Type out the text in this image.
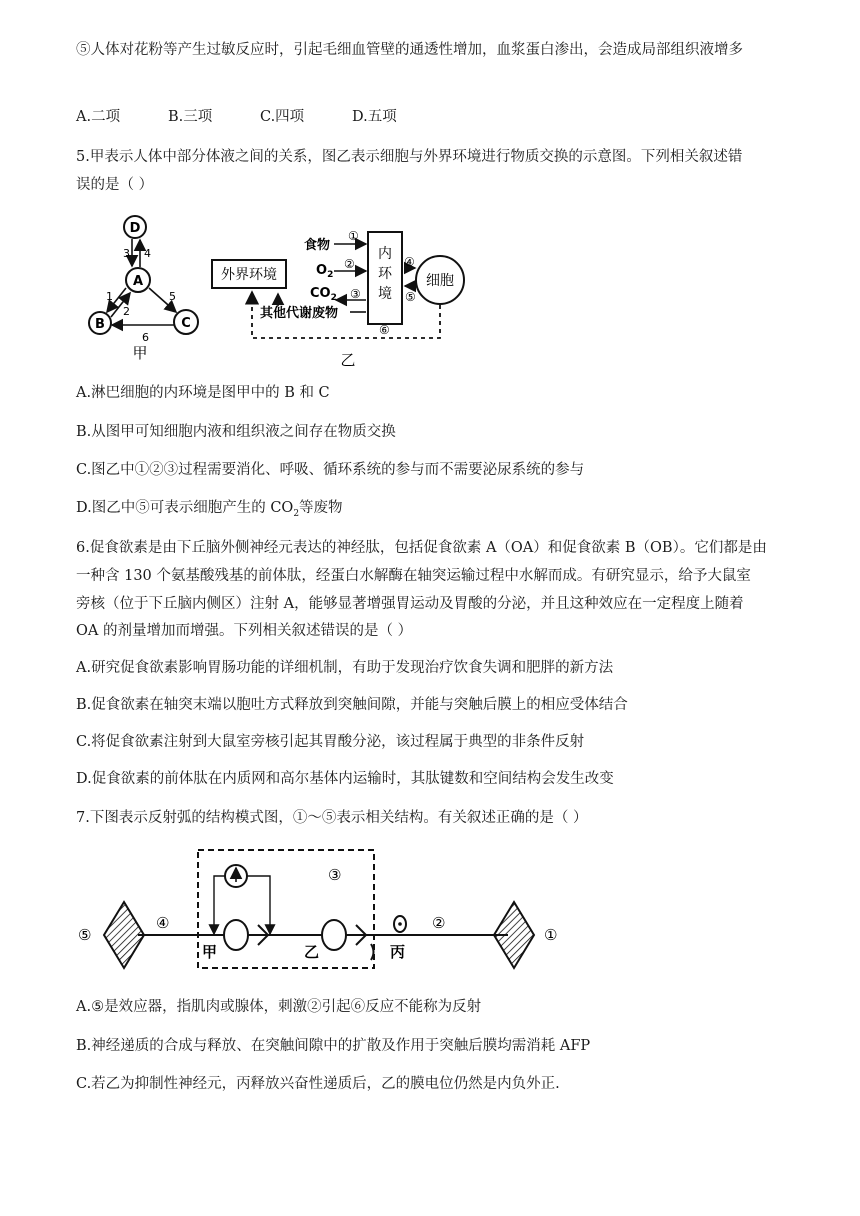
⑤人体对花粉等产生过敏反应时，引起毛细血管壁的通透性增加，血浆蛋白渗出，会造成局部组织液增多
A.二项	B.三项	C.四项	D.五项
5.甲表示人体中部分体液之间的关系，图乙表示细胞与外界环境进行物质交换的示意图。下列相关叙述错
误的是（ ）
D
A
B	C
3 4
1
2
5
6
甲
外界环境
内
环
境
细胞
食物
①
$O_2$
②
$CO_2$ ③
其他代谢废物
④
⑤
⑥
乙
A.淋巴细胞的内环境是图甲中的 B 和 C
B.从图甲可知细胞内液和组织液之间存在物质交换
C.图乙中①②③过程需要消化、呼吸、循环系统的参与而不需要泌尿系统的参与
D.图乙中⑤可表示细胞产生的 $CO_2$等废物
6.促食欲素是由下丘脑外侧神经元表达的神经肽，包括促食欲素 A（OA）和促食欲素 B（OB）。它们都是由
一种含 130 个氨基酸残基的前体肽，经蛋白水解酶在轴突运输过程中水解而成。有研究显示，给予大鼠室
旁核（位于下丘脑内侧区）注射 A，能够显著增强胃运动及胃酸的分泌，并且这种效应在一定程度上随着
OA 的剂量增加而增强。下列相关叙述错误的是（ ）
A.研究促食欲素影响胃肠功能的详细机制，有助于发现治疗饮食失调和肥胖的新方法
B.促食欲素在轴突末端以胞吐方式释放到突触间隙，并能与突触后膜上的相应受体结合
C.将促食欲素注射到大鼠室旁核引起其胃酸分泌，该过程属于典型的非条件反射
D.促食欲素的前体肽在内质网和高尔基体内运输时，其肽键数和空间结构会发生改变
7.下图表示反射弧的结构模式图，①～⑤表示相关结构。有关叙述正确的是（ ）
⑤
④
③
甲	乙	丙
②
①
A.⑤是效应器，指肌肉或腺体，刺激②引起⑥反应不能称为反射
B.神经递质的合成与释放、在突触间隙中的扩散及作用于突触后膜均需消耗 AFP
C.若乙为抑制性神经元，丙释放兴奋性递质后，乙的膜电位仍然是内负外正.
